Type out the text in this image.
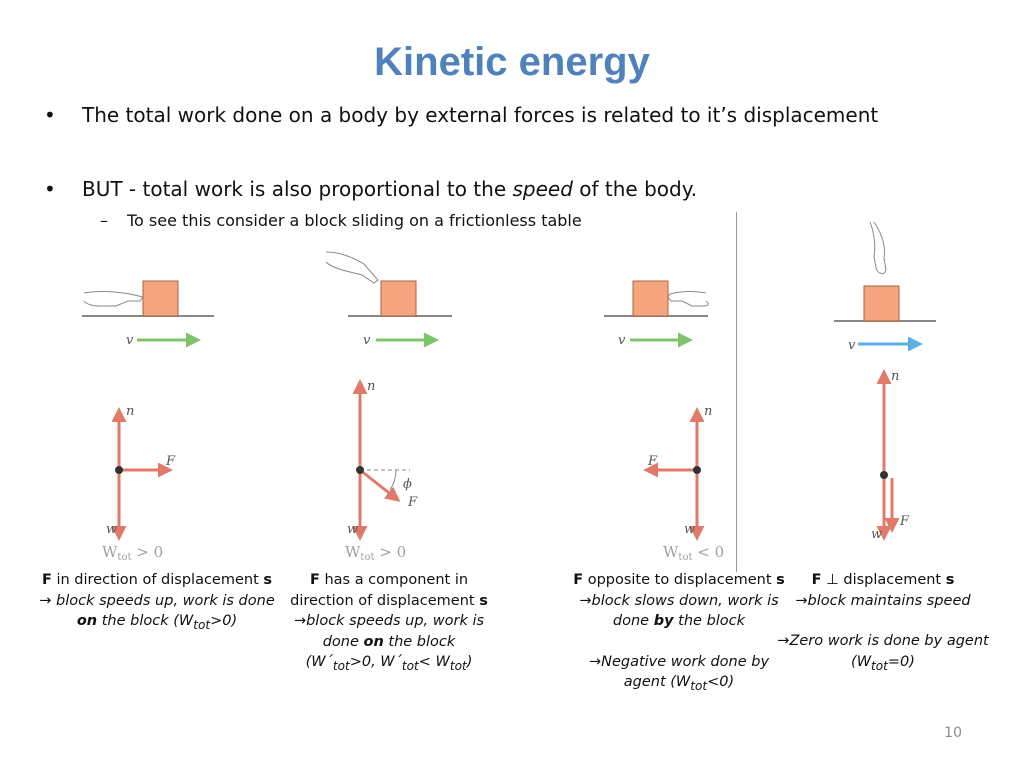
Kinetic energy
• The total work done on a body by external forces is related to it’s displacement
• BUT - total work is also proportional to the speed of the body.
– To see this consider a block sliding on a frictionless table
v
n
w
F
$W_{tot} > 0$
v
n
w
ϕ
F
$W_{tot} > 0$
v
n
w
F
$W_{tot} < 0$
v
n
w
F
F in direction of displacement s
→ block speeds up, work is done
on the block $(W_{tot}>0)$
F has a component in
direction of displacement s
→block speeds up, work is
done on the block
($W´_{tot}>0$, $W´_{tot}< W_{tot}$)
F opposite to displacement s
→block slows down, work is
done by the block
→Negative work done by
agent $(W_{tot}<0)$
F ⊥ displacement s
→block maintains speed
→Zero work is done by agent
$(W_{tot}=0)$
10
